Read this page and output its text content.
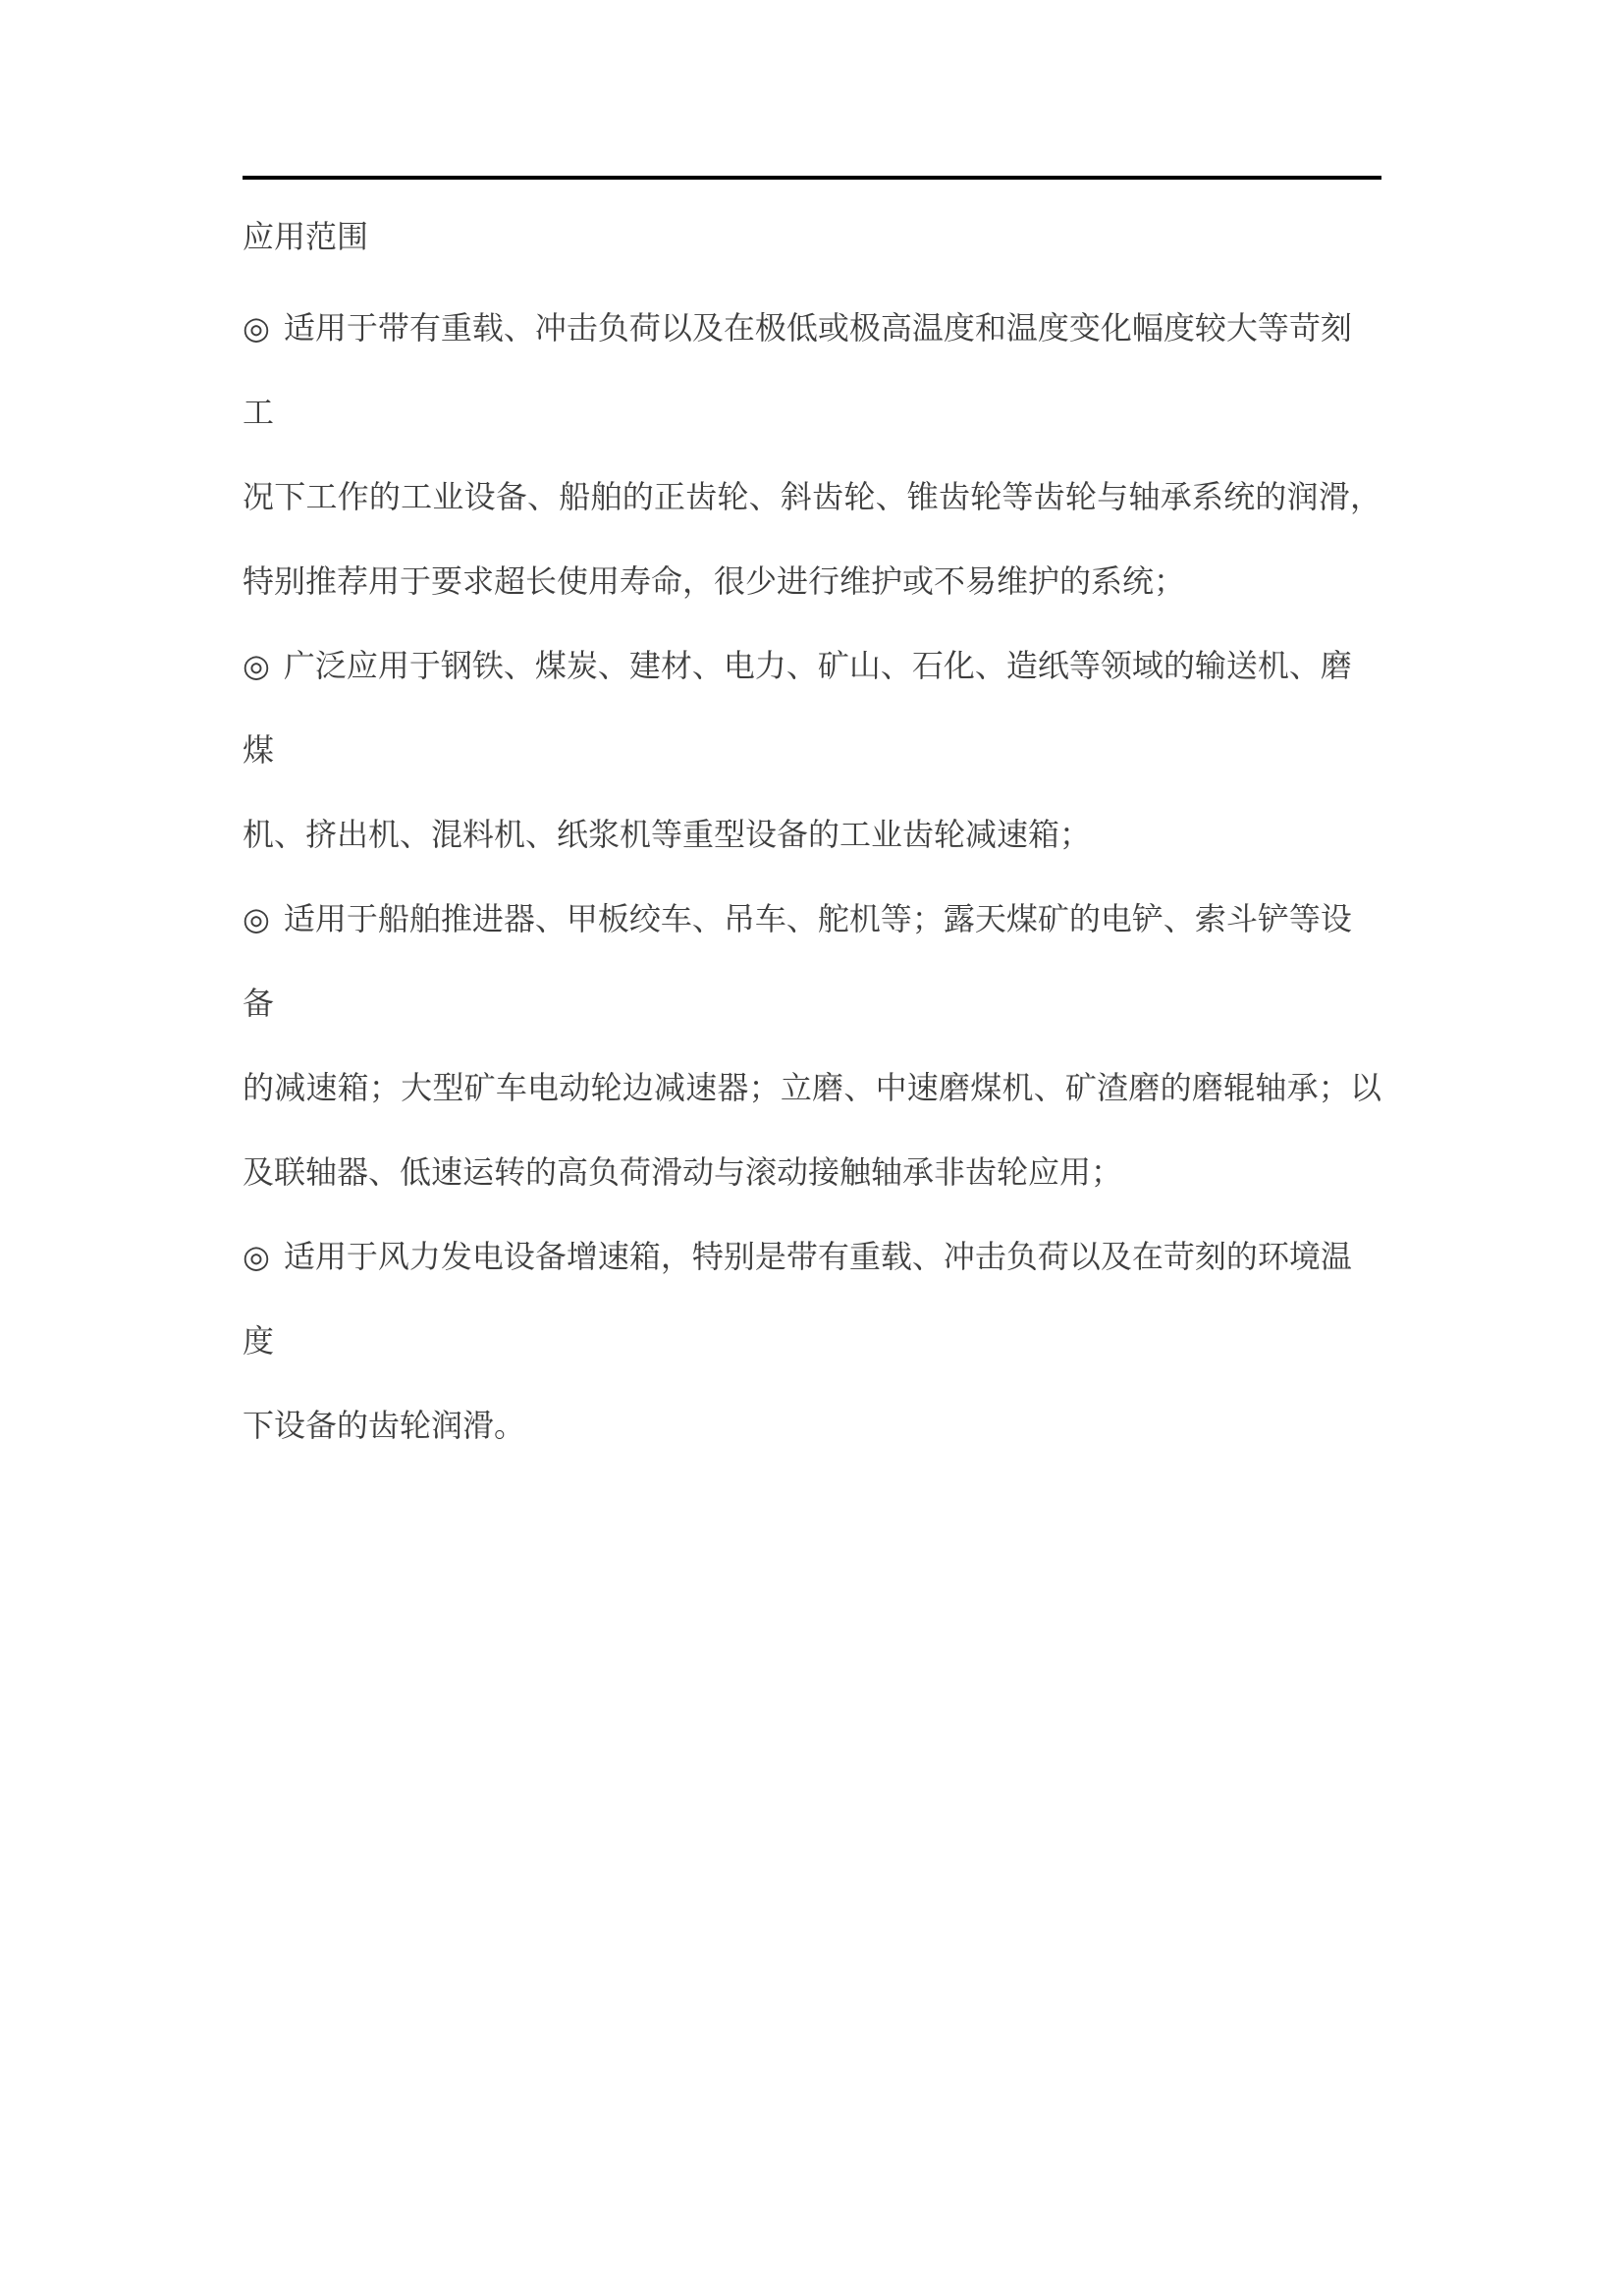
应用范围

◎ 适用于带有重载、冲击负荷以及在极低或极高温度和温度变化幅度较大等苛刻工
况下工作的工业设备、船舶的正齿轮、斜齿轮、锥齿轮等齿轮与轴承系统的润滑，
特别推荐用于要求超长使用寿命，很少进行维护或不易维护的系统；

◎ 广泛应用于钢铁、煤炭、建材、电力、矿山、石化、造纸等领域的输送机、磨煤
机、挤出机、混料机、纸浆机等重型设备的工业齿轮减速箱；

◎ 适用于船舶推进器、甲板绞车、吊车、舵机等；露天煤矿的电铲、索斗铲等设备
的减速箱；大型矿车电动轮边减速器；立磨、中速磨煤机、矿渣磨的磨辊轴承；以
及联轴器、低速运转的高负荷滑动与滚动接触轴承非齿轮应用；

◎ 适用于风力发电设备增速箱，特别是带有重载、冲击负荷以及在苛刻的环境温度
下设备的齿轮润滑。
